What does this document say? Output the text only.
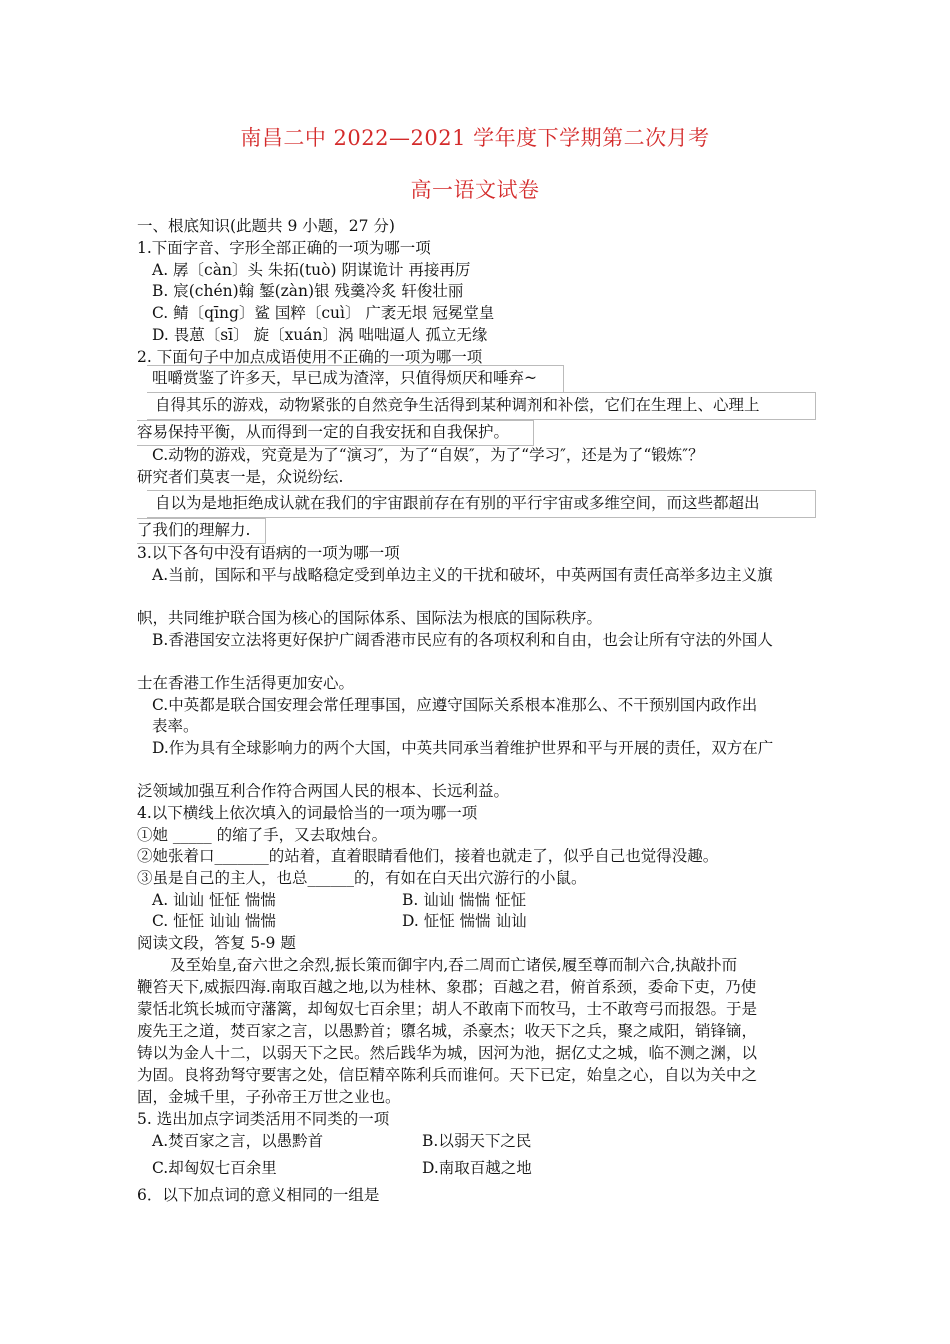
南昌二中 2022—2021 学年度下学期第二次月考
高一语文试卷
一、根底知识(此题共 9 小题，27 分)
1.下面字音、字形全部正确的一项为哪一项
A. 孱〔càn〕头 朱拓(tuò) 阴谋诡计 再接再厉
B. 宸(chén)翰 錾(zàn)银 残羹冷炙 轩俊壮丽
C. 鲭〔qīng〕鲨 国粹〔cuì〕 广袤无垠 冠冕堂皇
D. 畏葸〔sī〕 旋〔xuán〕涡 咄咄逼人 孤立无缘
2. 下面句子中加点成语使用不正确的一项为哪一项
咀嚼赏鉴了许多天，早已成为渣滓，只值得烦厌和唾弃~
自得其乐的游戏，动物紧张的自然竞争生活得到某种调剂和补偿，它们在生理上、心理上
容易保持平衡，从而得到一定的自我安抚和自我保护。
C.动物的游戏，究竟是为了“演习″，为了“自娱″，为了“学习″，还是为了“锻炼″？
研究者们莫衷一是，众说纷纭.
自以为是地拒绝成认就在我们的宇宙跟前存在有别的平行宇宙或多维空间，而这些都超出
了我们的理解力.
3.以下各句中没有语病的一项为哪一项
A.当前，国际和平与战略稳定受到单边主义的干扰和破坏，中英两国有责任高举多边主义旗
帜，共同维护联合国为核心的国际体系、国际法为根底的国际秩序。
B.香港国安立法将更好保护广阔香港市民应有的各项权利和自由，也会让所有守法的外国人
士在香港工作生活得更加安心。
C.中英都是联合国安理会常任理事国，应遵守国际关系根本准那么、不干预别国内政作出
表率。
D.作为具有全球影响力的两个大国，中英共同承当着维护世界和平与开展的责任，双方在广
泛领域加强互利合作符合两国人民的根本、长远利益。
4.以下横线上依次填入的词最恰当的一项为哪一项
①她 _____ 的缩了手，又去取烛台。
②她张着口_______的站着，直着眼睛看他们，接着也就走了，似乎自己也觉得没趣。
③虽是自己的主人，也总______的，有如在白天出穴游行的小鼠。
A. 讪讪 怔怔 惴惴	B. 讪讪 惴惴 怔怔
C. 怔怔 讪讪 惴惴	D. 怔怔 惴惴 讪讪
阅读文段，答复 5-9 题
及至始皇,奋六世之余烈,振长策而御宇内,吞二周而亡诸侯,履至尊而制六合,执敲扑而
鞭笞天下,威振四海.南取百越之地,以为桂林、象郡；百越之君，俯首系颈，委命下吏，乃使
蒙恬北筑长城而守藩篱，却匈奴七百余里；胡人不敢南下而牧马，士不敢弯弓而报怨。于是
废先王之道，焚百家之言，以愚黔首；隳名城，杀豪杰；收天下之兵，聚之咸阳，销锋镝，
铸以为金人十二，以弱天下之民。然后践华为城，因河为池，据亿丈之城，临不测之渊，以
为固。良将劲弩守要害之处，信臣精卒陈利兵而谁何。天下已定，始皇之心，自以为关中之
固，金城千里，子孙帝王万世之业也。
5. 选出加点字词类活用不同类的一项
A.焚百家之言，以愚黔首	B.以弱天下之民
C.却匈奴七百余里	D.南取百越之地
6．以下加点词的意义相同的一组是
